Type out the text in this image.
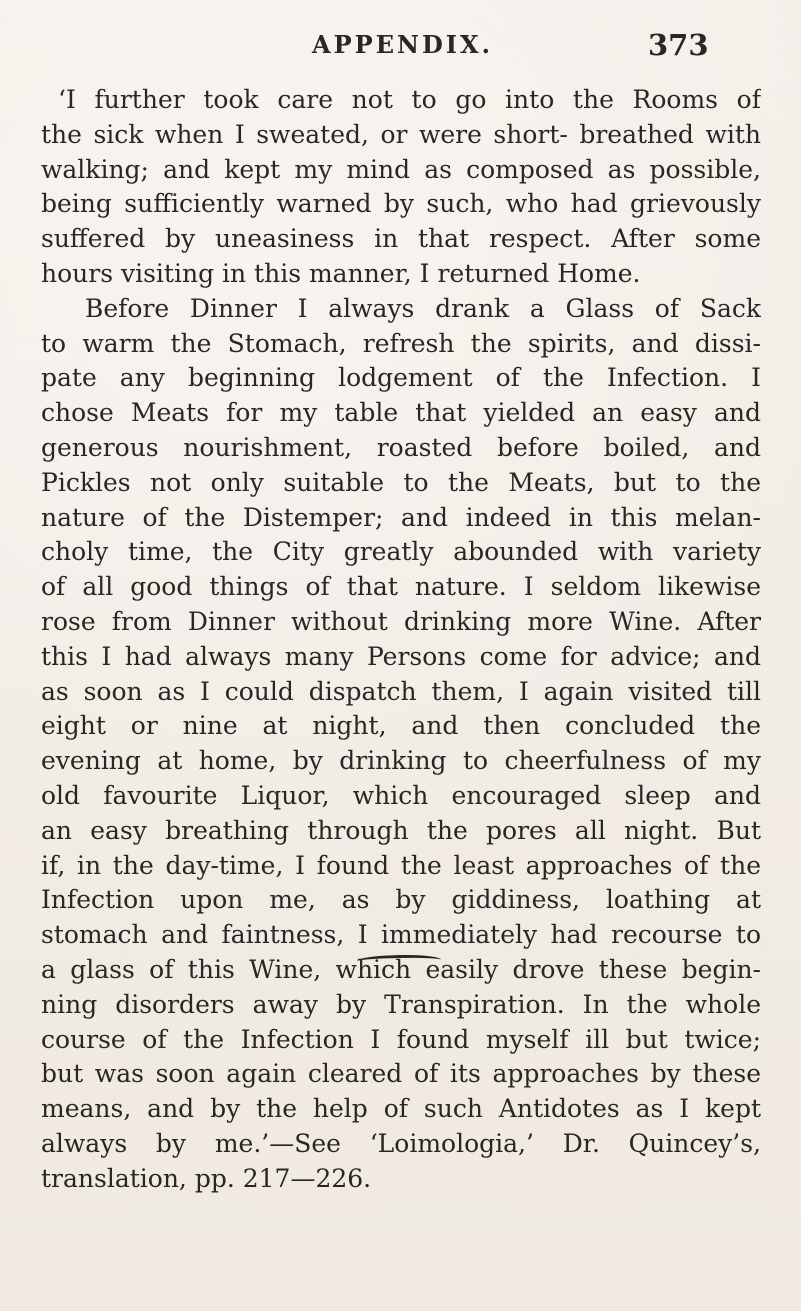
APPENDIX.	373
‘I further took care not to go into the Rooms of
the sick when I sweated, or were short- breathed with
walking; and kept my mind as composed as possible,
being sufficiently warned by such, who had grievously
suffered by uneasiness in that respect. After some
hours visiting in this manner, I returned Home.
Before Dinner I always drank a Glass of Sack
to warm the Stomach, refresh the spirits, and dissi-
pate any beginning lodgement of the Infection. I
chose Meats for my table that yielded an easy and
generous nourishment, roasted before boiled, and
Pickles not only suitable to the Meats, but to the
nature of the Distemper; and indeed in this melan-
choly time, the City greatly abounded with variety
of all good things of that nature. I seldom likewise
rose from Dinner without drinking more Wine. After
this I had always many Persons come for advice; and
as soon as I could dispatch them, I again visited till
eight or nine at night, and then concluded the
evening at home, by drinking to cheerfulness of my
old favourite Liquor, which encouraged sleep and
an easy breathing through the pores all night. But
if, in the day-time, I found the least approaches of the
Infection upon me, as by giddiness, loathing at
stomach and faintness, I immediately had recourse to
a glass of this Wine, which easily drove these begin-
ning disorders away by Transpiration. In the whole
course of the Infection I found myself ill but twice;
but was soon again cleared of its approaches by these
means, and by the help of such Antidotes as I kept
always by me.’—See ‘Loimologia,’ Dr. Quincey’s,
translation, pp. 217—226.
